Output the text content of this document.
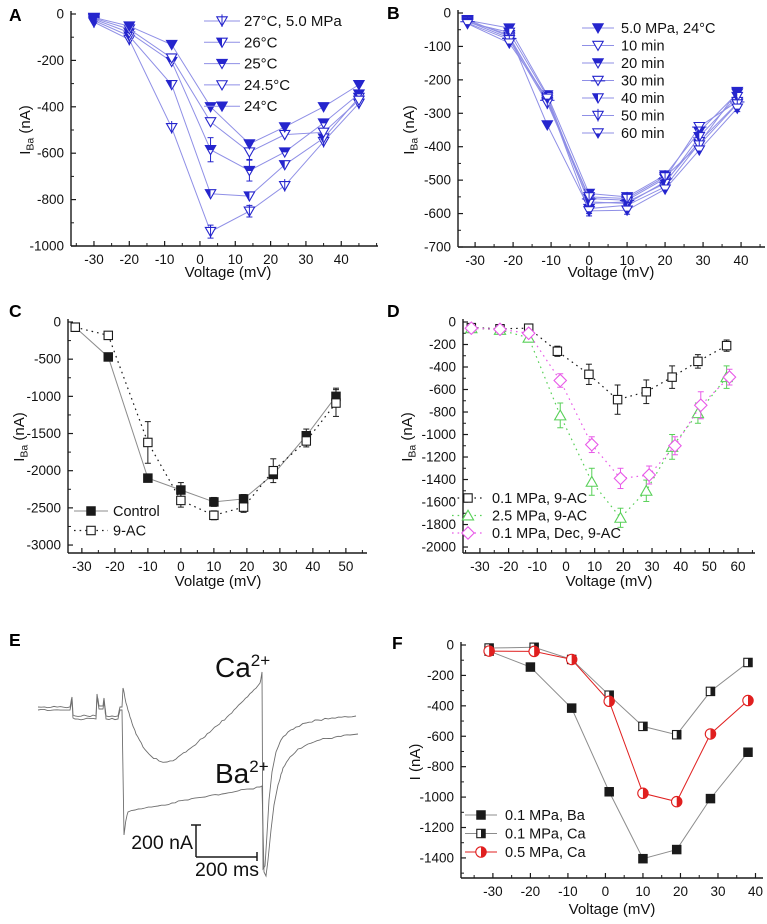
0
-200
-400
-600
-800
-1000
-30 -20 -10 0 10 20 30 40
Voltage (mV)
$I_{Ba}$ (nA)
27°C, 5.0 MPa
26°C
25°C
24.5°C
24°C
A	0
-100
-200
-300
-400
-500
-600
-700
-30 -20 -10 0 10 20 30 40
Voltage (mV)
$I_{Ba}$ (nA)
5.0 MPa, 24°C
10 min
20 min
30 min
40 min
50 min
60 min
B
0
-500
-1000
-1500
-2000
-2500
-3000
-30 -20 -10 0 10 20 30 40 50
Volatge (mV)
$I_{Ba}$ (nA)
Control
9-AC
C
0
-200
-400
-600
-800
-1000
-1200
-1400
-1600
-1800
-2000
-30 -20 -10 0 10 20 30 40 50 60
Voltage (mV)
$I_{Ba}$ (nA)
0.1 MPa, 9-AC
2.5 MPa, 9-AC
0.1 MPa, Dec, 9-AC
D
0
-200
-400
-600
-800
-1000
-1200
-1400
-30 -20 -10 0 10 20 30 40
Voltage (mV)
I (nA)
0.1 MPa, Ba
0.1 MPa, Ca
0.5 MPa, Ca
F
$Ca^{2+}$
$Ba^{2+}$
200 nA
200 ms
E
